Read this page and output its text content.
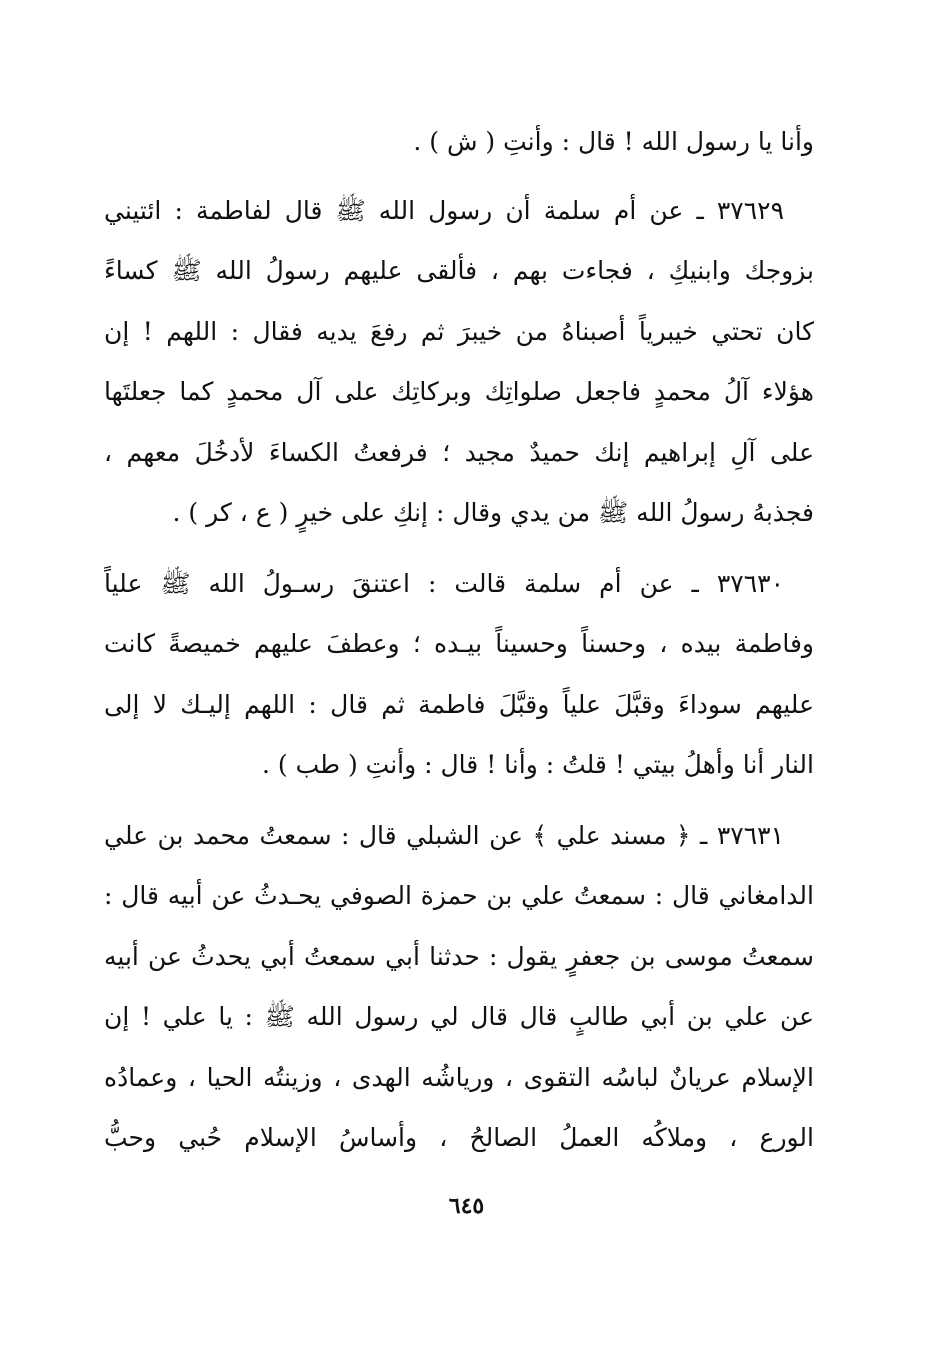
وأنا يا رسول الله ! قال : وأنتِ ( ش ) .
٣٧٦٢٩ ـ عن أم سلمة أن رسول الله ﷺ قال لفاطمة : ائتيني
بزوجك وابنيكِ ، فجاءت بهم ، فألقى عليهم رسولُ الله ﷺ كساءً
كان تحتي خيبرياً أصبناهُ من خيبرَ ثم رفعَ يديه فقال : اللهم ! إن
هؤلاء آلُ محمدٍ فاجعل صلواتِك وبركاتِك على آل محمدٍ كما جعلتَها
على آلِ إبراهيم إنك حميدٌ مجيد ؛ فرفعتُ الكساءَ لأدخُلَ معهم ،
فجذبهُ رسولُ الله ﷺ من يدي وقال : إنكِ على خيرٍ ( ع ، كر ) .
٣٧٦٣٠ ـ عن أم سلمة قالت : اعتنقَ رسـولُ الله ﷺ علياً
وفاطمة بيده ، وحسناً وحسيناً بيـده ؛ وعطفَ عليهم خميصةً كانت
عليهم سوداءَ وقبَّلَ علياً وقبَّلَ فاطمة ثم قال : اللهم إليـك لا إلى
النار أنا وأهلُ بيتي ! قلتُ : وأنا ! قال : وأنتِ ( طب ) .
٣٧٦٣١ ـ ﴿ مسند علي ﴾ عن الشبلي قال : سمعتُ محمد بن علي
الدامغاني قال : سمعتُ علي بن حمزة الصوفي يحـدثُ عن أبيه قال :
سمعتُ موسى بن جعفرٍ يقول : حدثنا أبي سمعتُ أبي يحدثُ عن أبيه
عن علي بن أبي طالبٍ قال قال لي رسول الله ﷺ : يا علي ! إن
الإسلام عريانٌ لباسُه التقوى ، ورياشُه الهدى ، وزينتُه الحيا ، وعمادُه
الورع ، وملاكُه العملُ الصالحُ ، وأساسُ الإسلام حُبي وحبُّ
٦٤٥
